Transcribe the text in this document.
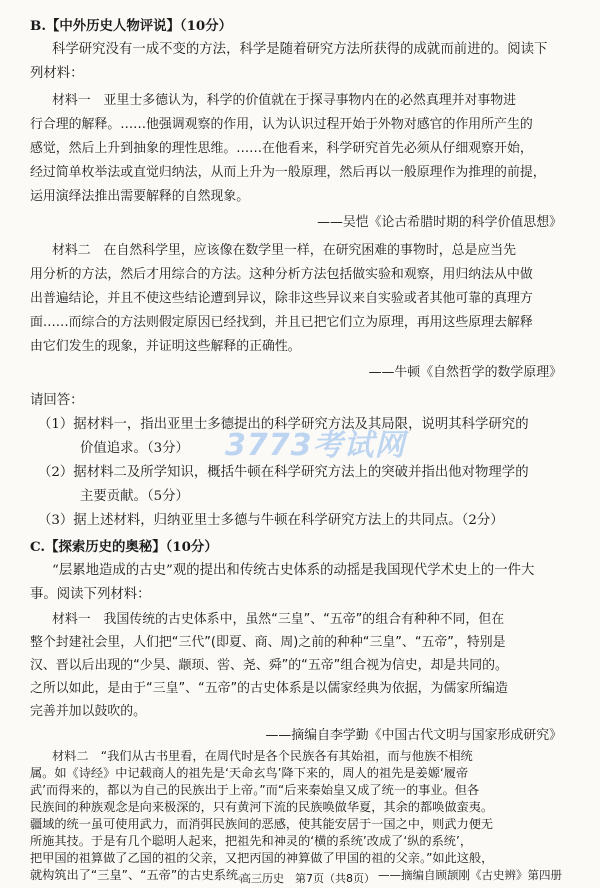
B.【中外历史人物评说】（10分）
科学研究没有一成不变的方法，科学是随着研究方法所获得的成就而前进的。阅读下
列材料：
材料一　亚里士多德认为，科学的价值就在于探寻事物内在的必然真理并对事物进
行合理的解释。……他强调观察的作用，认为认识过程开始于外物对感官的作用所产生的
感觉，然后上升到抽象的理性思维。……在他看来，科学研究首先必须从仔细观察开始，
经过简单枚举法或直觉归纳法，从而上升为一般原理，然后再以一般原理作为推理的前提，
运用演绎法推出需要解释的自然现象。
——吴恺《论古希腊时期的科学价值思想》
材料二　在自然科学里，应该像在数学里一样，在研究困难的事物时，总是应当先
用分析的方法，然后才用综合的方法。这种分析方法包括做实验和观察，用归纳法从中做
出普遍结论，并且不使这些结论遭到异议，除非这些异议来自实验或者其他可靠的真理方
面……而综合的方法则假定原因已经找到，并且已把它们立为原理，再用这些原理去解释
由它们发生的现象，并证明这些解释的正确性。
——牛顿《自然哲学的数学原理》
请回答：
（1）据材料一，指出亚里士多德提出的科学研究方法及其局限，说明其科学研究的
价值追求。（3分）
（2）据材料二及所学知识，概括牛顿在科学研究方法上的突破并指出他对物理学的
主要贡献。（5分）
（3）据上述材料，归纳亚里士多德与牛顿在科学研究方法上的共同点。（2分）
C.【探索历史的奥秘】（10分）
“层累地造成的古史”观的提出和传统古史体系的动摇是我国现代学术史上的一件大
事。阅读下列材料：
材料一　我国传统的古史体系中，虽然“三皇”、“五帝”的组合有种种不同，但在
整个封建社会里，人们把“三代”(即夏、商、周)之前的种种“三皇”、“五帝”，特别是
汉、晋以后出现的“少昊、颛顼、喾、尧、舜”的“五帝”组合视为信史，却是共同的。
之所以如此，是由于“三皇”、“五帝”的古史体系是以儒家经典为依据，为儒家所编造
完善并加以鼓吹的。
——摘编自李学勤《中国古代文明与国家形成研究》
材料二　“我们从古书里看，在周代时是各个民族各有其始祖，而与他族不相统
属。如《诗经》中记载商人的祖先是‘天命玄鸟’降下来的，周人的祖先是姜嫄‘履帝
武’而得来的，都以为自己的民族出于上帝。”而“后来秦始皇又成了统一的事业。但各
民族间的种族观念是向来极深的，只有黄河下流的民族唤做华夏，其余的都唤做蛮夷。
疆域的统一虽可使用武力，而消弭民族间的恶感，使其能安居于一国之中，则武力便无
所施其技。于是有几个聪明人起来，把祖先和神灵的‘横的系统’改成了‘纵的系统’，
把甲国的祖算做了乙国的祖的父亲，又把丙国的神算做了甲国的祖的父亲。”如此这般，
就构筑出了“三皇”、“五帝”的古史系统。	——摘编自顾颉刚《古史辨》第四册
高三历史　第7页（共8页）
3773考试网
